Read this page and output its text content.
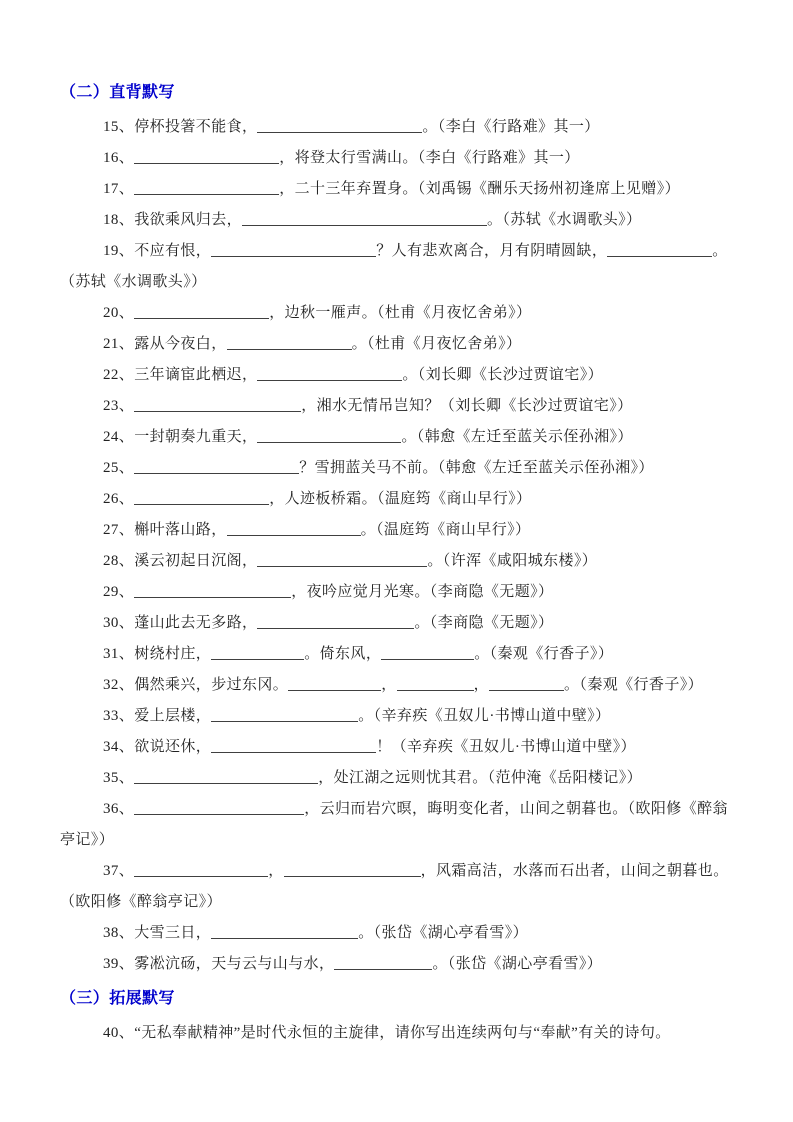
（二）直背默写

15、停杯投箸不能食，	。（李白《行路难》其一）

16、	，将登太行雪满山。（李白《行路难》其一）

17、	，二十三年弃置身。（刘禹锡《酬乐天扬州初逢席上见赠》）

18、我欲乘风归去，	。（苏轼《水调歌头》）

19、不应有恨，	？人有悲欢离合，月有阴晴圆缺，	。（苏轼《水调歌头》）

20、	，边秋一雁声。（杜甫《月夜忆舍弟》）

21、露从今夜白，	。（杜甫《月夜忆舍弟》）

22、三年谪宦此栖迟，	。（刘长卿《长沙过贾谊宅》）

23、	，湘水无情吊岂知？（刘长卿《长沙过贾谊宅》）

24、一封朝奏九重天，	。（韩愈《左迁至蓝关示侄孙湘》）

25、	？雪拥蓝关马不前。（韩愈《左迁至蓝关示侄孙湘》）

26、	，人迹板桥霜。（温庭筠《商山早行》）

27、槲叶落山路，	。（温庭筠《商山早行》）

28、溪云初起日沉阁，	。（许浑《咸阳城东楼》）

29、	，夜吟应觉月光寒。（李商隐《无题》）

30、蓬山此去无多路，	。（李商隐《无题》）

31、树绕村庄，	。倚东风，	。（秦观《行香子》）

32、偶然乘兴，步过东冈。	，	，	。（秦观《行香子》）

33、爱上层楼，	。（辛弃疾《丑奴儿·书博山道中壁》）

34、欲说还休，	！（辛弃疾《丑奴儿·书博山道中壁》）

35、	，处江湖之远则忧其君。（范仲淹《岳阳楼记》）

36、	，云归而岩穴暝，晦明变化者，山间之朝暮也。（欧阳修《醉翁亭记》）

37、	，	，风霜高洁，水落而石出者，山间之朝暮也。（欧阳修《醉翁亭记》）

38、大雪三日，	。（张岱《湖心亭看雪》）

39、雾凇沆砀，天与云与山与水，	。（张岱《湖心亭看雪》）

（三）拓展默写

40、“无私奉献精神”是时代永恒的主旋律，请你写出连续两句与“奉献”有关的诗句。
